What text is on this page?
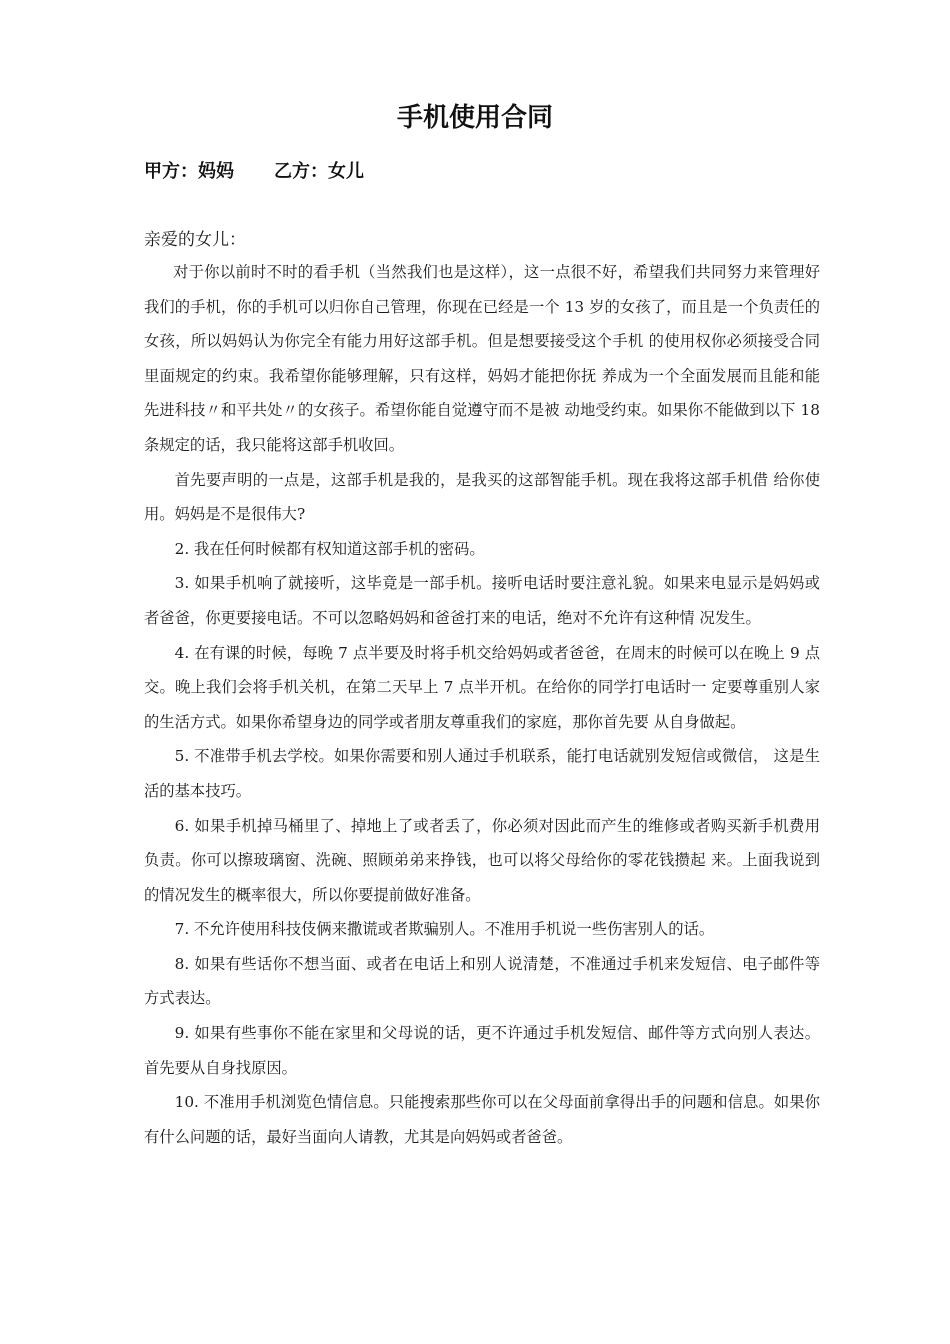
手机使用合同
甲方：妈妈 乙方：女儿

亲爱的女儿：

对于你以前时不时的看手机（当然我们也是这样），这一点很不好，希望我们共同努力来管理好我们的手机，你的手机可以归你自己管理，你现在已经是一个 13 岁的女孩了，而且是一个负责任的女孩，所以妈妈认为你完全有能力用好这部手机。但是想要接受这个手机 的使用权你必须接受合同里面规定的约束。我希望你能够理解，只有这样，妈妈才能把你抚 养成为一个全面发展而且能和能先进科技〃和平共处〃的女孩子。希望你能自觉遵守而不是被 动地受约束。如果你不能做到以下 18 条规定的话，我只能将这部手机收回。

首先要声明的一点是，这部手机是我的，是我买的这部智能手机。现在我将这部手机借 给你使用。妈妈是不是很伟大?

2. 我在任何时候都有权知道这部手机的密码。

3. 如果手机响了就接听，这毕竟是一部手机。接听电话时要注意礼貌。如果来电显示是妈妈或者爸爸，你更要接电话。不可以忽略妈妈和爸爸打来的电话，绝对不允许有这种情 况发生。

4. 在有课的时候，每晚 7 点半要及时将手机交给妈妈或者爸爸，在周末的时候可以在晚上 9 点交。晚上我们会将手机关机，在第二天早上 7 点半开机。在给你的同学打电话时一 定要尊重别人家的生活方式。如果你希望身边的同学或者朋友尊重我们的家庭，那你首先要 从自身做起。

5. 不准带手机去学校。如果你需要和别人通过手机联系，能打电话就别发短信或微信， 这是生活的基本技巧。

6. 如果手机掉马桶里了、掉地上了或者丢了，你必须对因此而产生的维修或者购买新手机费用负责。你可以擦玻璃窗、洗碗、照顾弟弟来挣钱，也可以将父母给你的零花钱攒起 来。上面我说到的情况发生的概率很大，所以你要提前做好准备。

7. 不允许使用科技伎俩来撒谎或者欺骗别人。不准用手机说一些伤害别人的话。

8. 如果有些话你不想当面、或者在电话上和别人说清楚，不准通过手机来发短信、电子邮件等方式表达。

9. 如果有些事你不能在家里和父母说的话，更不许通过手机发短信、邮件等方式向别人表达。首先要从自身找原因。

10. 不准用手机浏览色情信息。只能搜索那些你可以在父母面前拿得出手的问题和信息。如果你有什么问题的话，最好当面向人请教，尤其是向妈妈或者爸爸。
